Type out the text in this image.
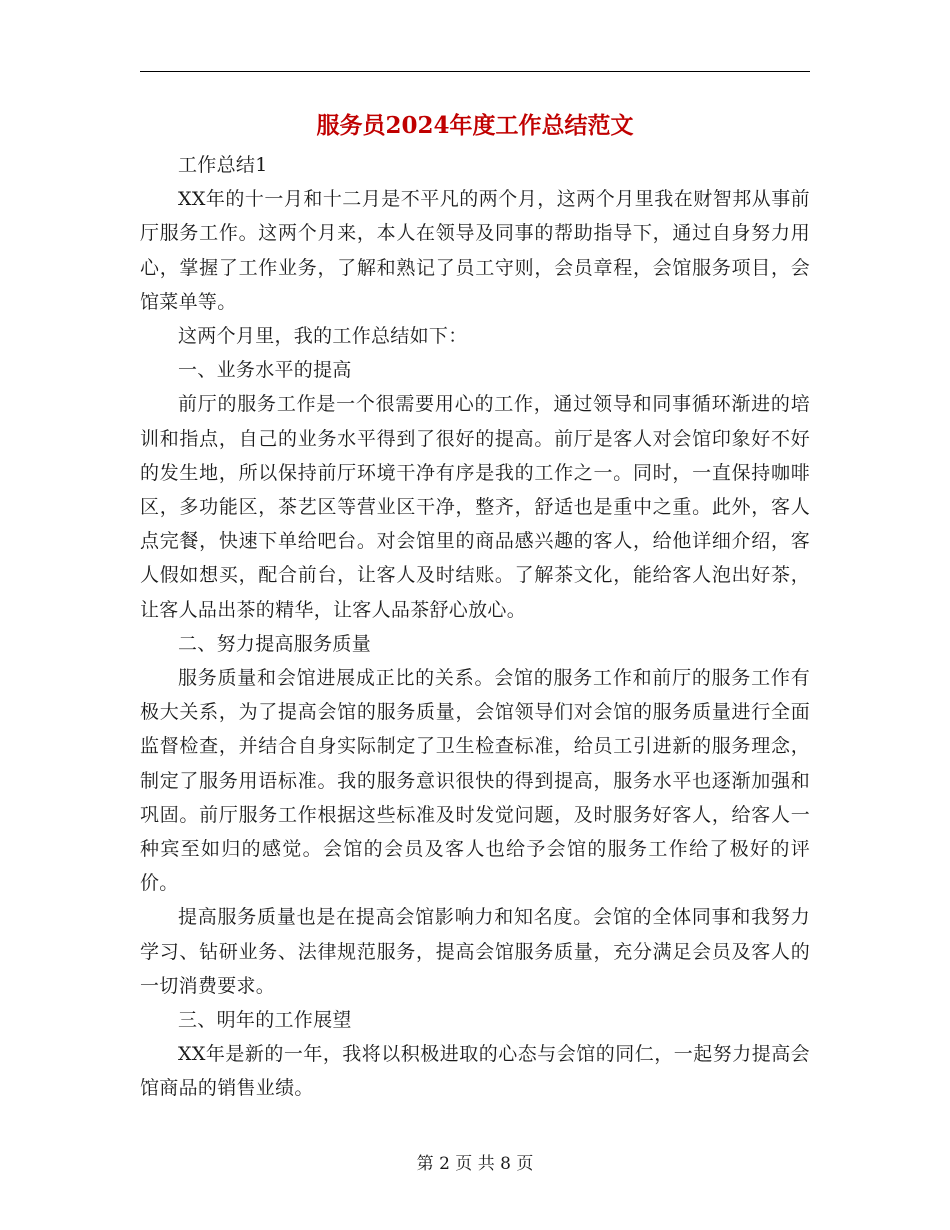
服务员2024年度工作总结范文

工作总结1

XX年的十一月和十二月是不平凡的两个月，这两个月里我在财智邦从事前厅服务工作。这两个月来，本人在领导及同事的帮助指导下，通过自身努力用心，掌握了工作业务，了解和熟记了员工守则，会员章程，会馆服务项目，会馆菜单等。

这两个月里，我的工作总结如下：

一、业务水平的提高

前厅的服务工作是一个很需要用心的工作，通过领导和同事循环渐进的培训和指点，自己的业务水平得到了很好的提高。前厅是客人对会馆印象好不好的发生地，所以保持前厅环境干净有序是我的工作之一。同时，一直保持咖啡区，多功能区，茶艺区等营业区干净，整齐，舒适也是重中之重。此外，客人点完餐，快速下单给吧台。对会馆里的商品感兴趣的客人，给他详细介绍，客人假如想买，配合前台，让客人及时结账。了解茶文化，能给客人泡出好茶，让客人品出茶的精华，让客人品茶舒心放心。

二、努力提高服务质量

服务质量和会馆进展成正比的关系。会馆的服务工作和前厅的服务工作有极大关系，为了提高会馆的服务质量，会馆领导们对会馆的服务质量进行全面监督检查，并结合自身实际制定了卫生检查标准，给员工引进新的服务理念，制定了服务用语标准。我的服务意识很快的得到提高，服务水平也逐渐加强和巩固。前厅服务工作根据这些标准及时发觉问题，及时服务好客人，给客人一种宾至如归的感觉。会馆的会员及客人也给予会馆的服务工作给了极好的评价。

提高服务质量也是在提高会馆影响力和知名度。会馆的全体同事和我努力学习、钻研业务、法律规范服务，提高会馆服务质量，充分满足会员及客人的一切消费要求。

三、明年的工作展望

XX年是新的一年，我将以积极进取的心态与会馆的同仁，一起努力提高会馆商品的销售业绩。

第 2 页 共 8 页
